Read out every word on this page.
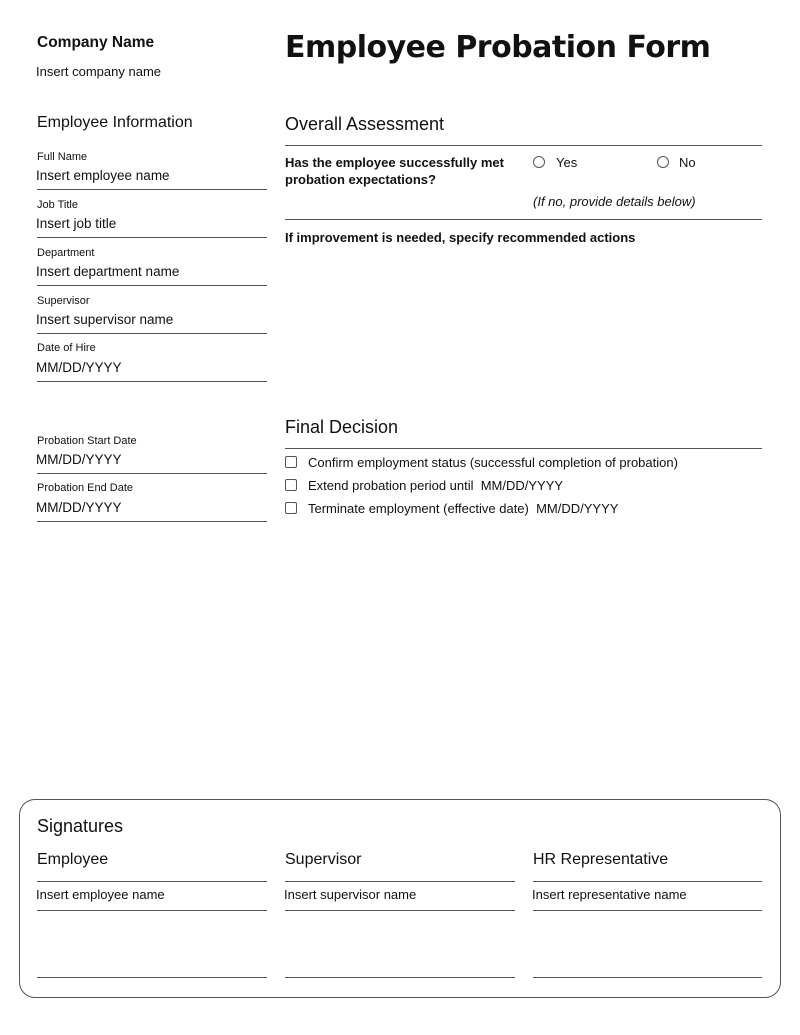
Employee Probation Form
Company Name
Insert company name
Employee Information
Full Name
Insert employee name
Job Title
Insert job title
Department
Insert department name
Supervisor
Insert supervisor name
Date of Hire
MM/DD/YYYY
Probation Start Date
MM/DD/YYYY
Probation End Date
MM/DD/YYYY
Overall Assessment
Has the employee successfully met
probation expectations?
Yes	No
(If no, provide details below)
If improvement is needed, specify recommended actions
Final Decision
Confirm employment status (successful completion of probation)
Extend probation period until  MM/DD/YYYY
Terminate employment (effective date)  MM/DD/YYYY
Signatures
Employee
Insert employee name
Supervisor
Insert supervisor name
HR Representative
Insert representative name
